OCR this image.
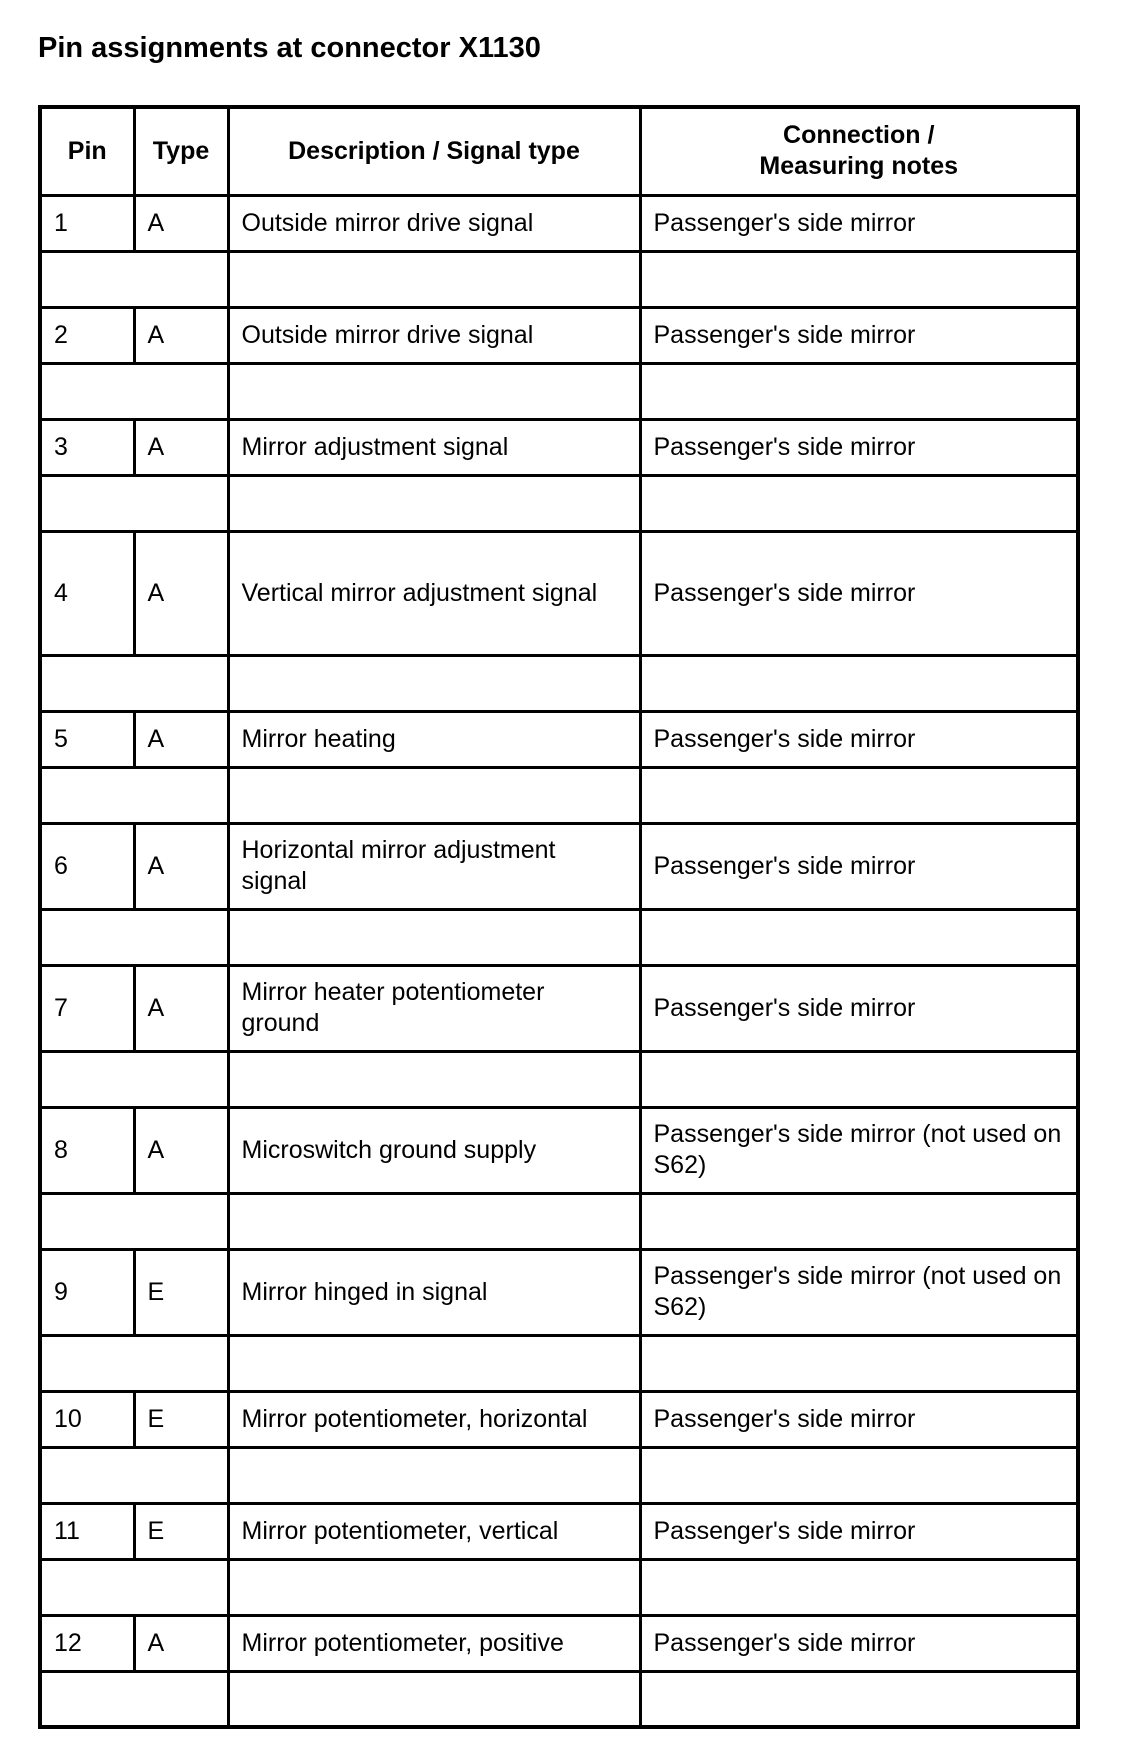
Pin assignments at connector X1130
Pin	Type	Description / Signal type	Connection /
Measuring notes
1	A	Outside mirror drive signal	Passenger's side mirror

2	A	Outside mirror drive signal	Passenger's side mirror

3	A	Mirror adjustment signal	Passenger's side mirror

4	A	Vertical mirror adjustment signal	Passenger's side mirror

5	A	Mirror heating	Passenger's side mirror

6	A	Horizontal mirror adjustment signal	Passenger's side mirror

7	A	Mirror heater potentiometer ground	Passenger's side mirror

8	A	Microswitch ground supply	Passenger's side mirror (not used on S62)

9	E	Mirror hinged in signal	Passenger's side mirror (not used on S62)

10	E	Mirror potentiometer, horizontal	Passenger's side mirror

11	E	Mirror potentiometer, vertical	Passenger's side mirror

12	A	Mirror potentiometer, positive	Passenger's side mirror
